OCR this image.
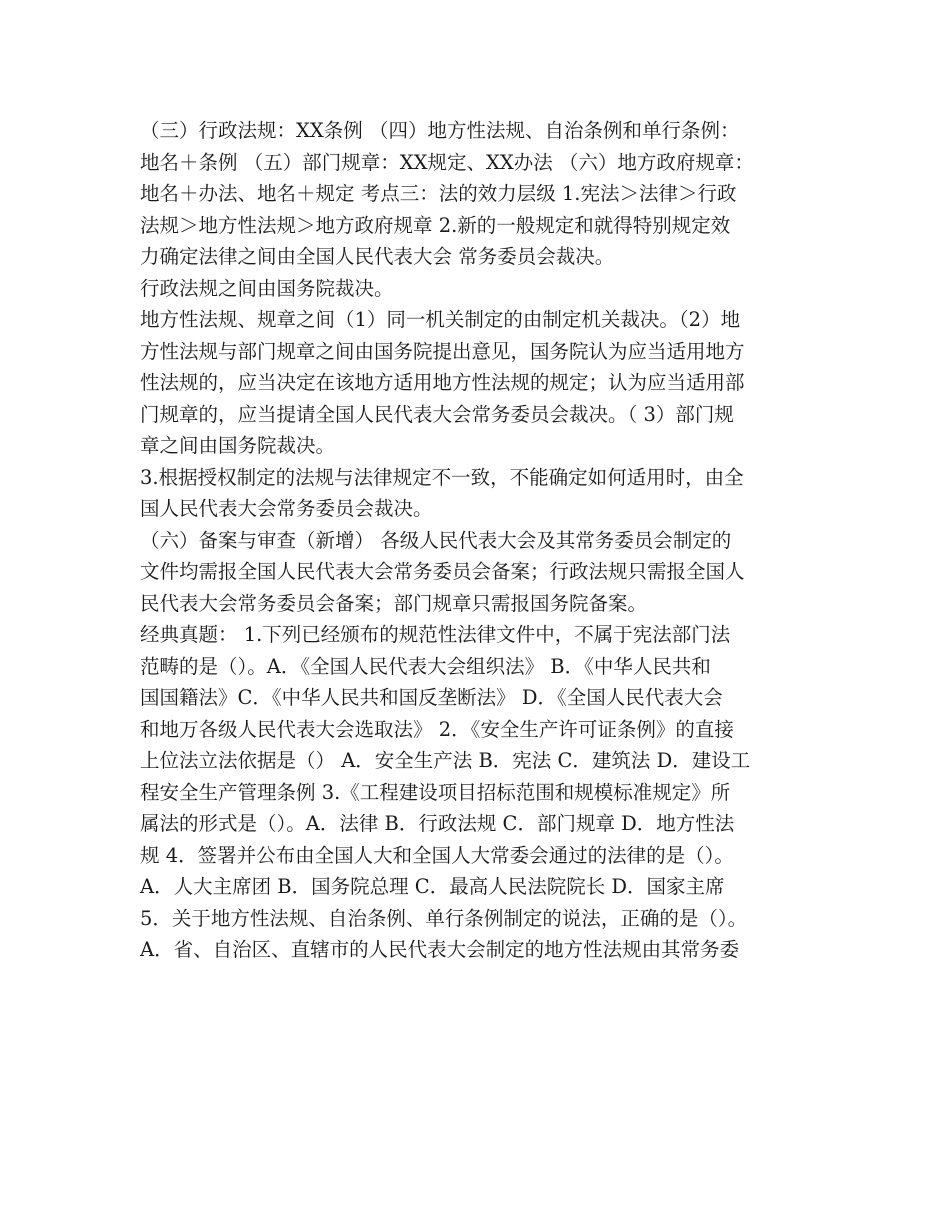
（三）行政法规：XX条例 （四）地方性法规、自治条例和单行条例：
地名＋条例 （五）部门规章：XX规定、XX办法 （六）地方政府规章：
地名＋办法、地名＋规定 考点三：法的效力层级 1.宪法＞法律＞行政
法规＞地方性法规＞地方政府规章 2.新的一般规定和就得特别规定效
力确定法律之间由全国人民代表大会 常务委员会裁决。
行政法规之间由国务院裁决。
地方性法规、规章之间（1）同一机关制定的由制定机关裁决。（2）地
方性法规与部门规章之间由国务院提出意见，国务院认为应当适用地方
性法规的，应当决定在该地方适用地方性法规的规定；认为应当适用部
门规章的，应当提请全国人民代表大会常务委员会裁决。（ 3）部门规
章之间由国务院裁决。
3.根据授权制定的法规与法律规定不一致，不能确定如何适用时，由全
国人民代表大会常务委员会裁决。
（六）备案与审查（新增） 各级人民代表大会及其常务委员会制定的
文件均需报全国人民代表大会常务委员会备案；行政法规只需报全国人
民代表大会常务委员会备案；部门规章只需报国务院备案。
经典真题： 1.下列已经颁布的规范性法律文件中，不属于宪法部门法
范畴的是（）。A．《全国人民代表大会组织法》 B．《中华人民共和
国国籍法》C．《中华人民共和国反垄断法》 D．《全国人民代表大会
和地万各级人民代表大会选取法》 2．《安全生产许可证条例》的直接
上位法立法依据是（） A．安全生产法 B．宪法 C．建筑法 D．建设工
程安全生产管理条例 3.《工程建设项目招标范围和规模标准规定》所
属法的形式是（）。A．法律 B．行政法规 C．部门规章 D．地方性法
规 4．签署并公布由全国人大和全国人大常委会通过的法律的是（）。
A．人大主席团 B．国务院总理 C．最高人民法院院长 D．国家主席
5．关于地方性法规、自治条例、单行条例制定的说法，正确的是（）。
A．省、自治区、直辖市的人民代表大会制定的地方性法规由其常务委
